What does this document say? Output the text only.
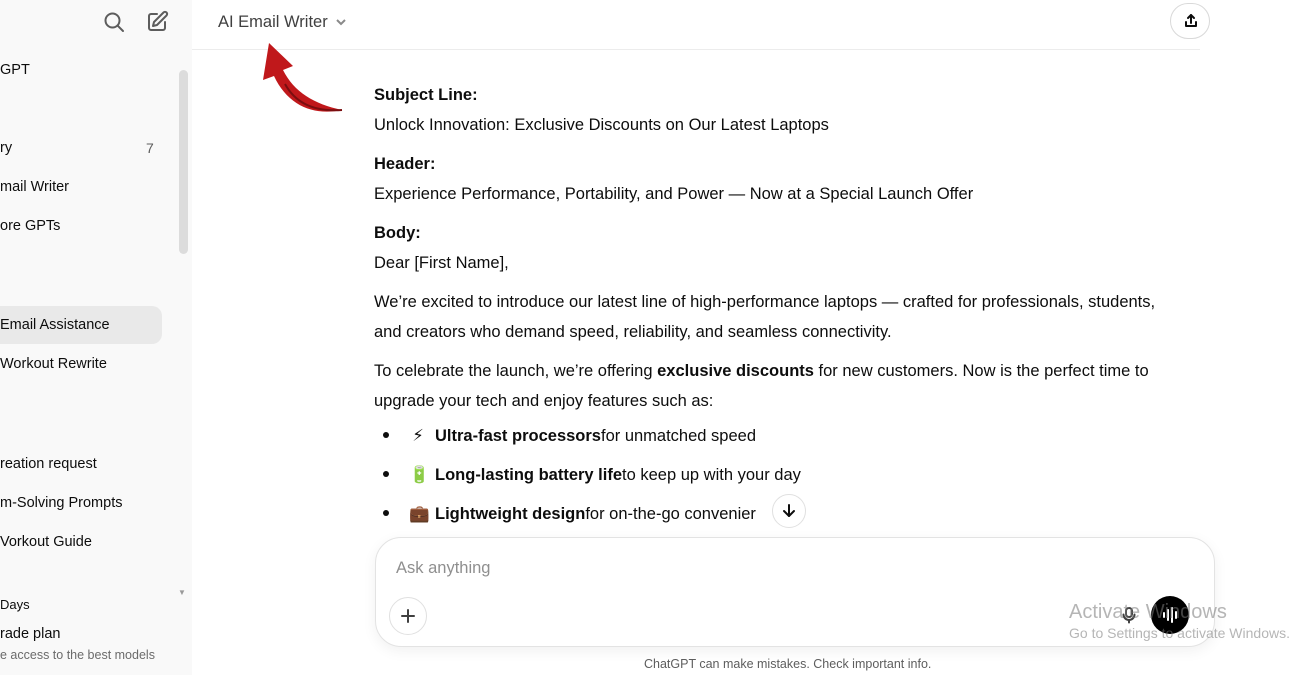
GPT
ry	7
mail Writer
ore GPTs
Email Assistance
Workout Rewrite
reation request
m-Solving Prompts
Vorkout Guide
Days
▼
rade plan
e access to the best models
AI Email Writer

Subject Line:

Unlock Innovation: Exclusive Discounts on Our Latest Laptops

Header:

Experience Performance, Portability, and Power — Now at a Special Launch Offer

Body:

Dear [First Name],

We’re excited to introduce our latest line of high-performance laptops — crafted for professionals, students,

and creators who demand speed, reliability, and seamless connectivity.

To celebrate the launch, we’re offering exclusive discounts for new customers. Now is the perfect time to

upgrade your tech and enjoy features such as:

⚡ Ultra-fast processors for unmatched speed
🔋 Long-lasting battery life to keep up with your day
💼 Lightweight design for on-the-go convenier
Ask anything
ChatGPT can make mistakes. Check important info.
Activate Windows
Go to Settings to activate Windows.
